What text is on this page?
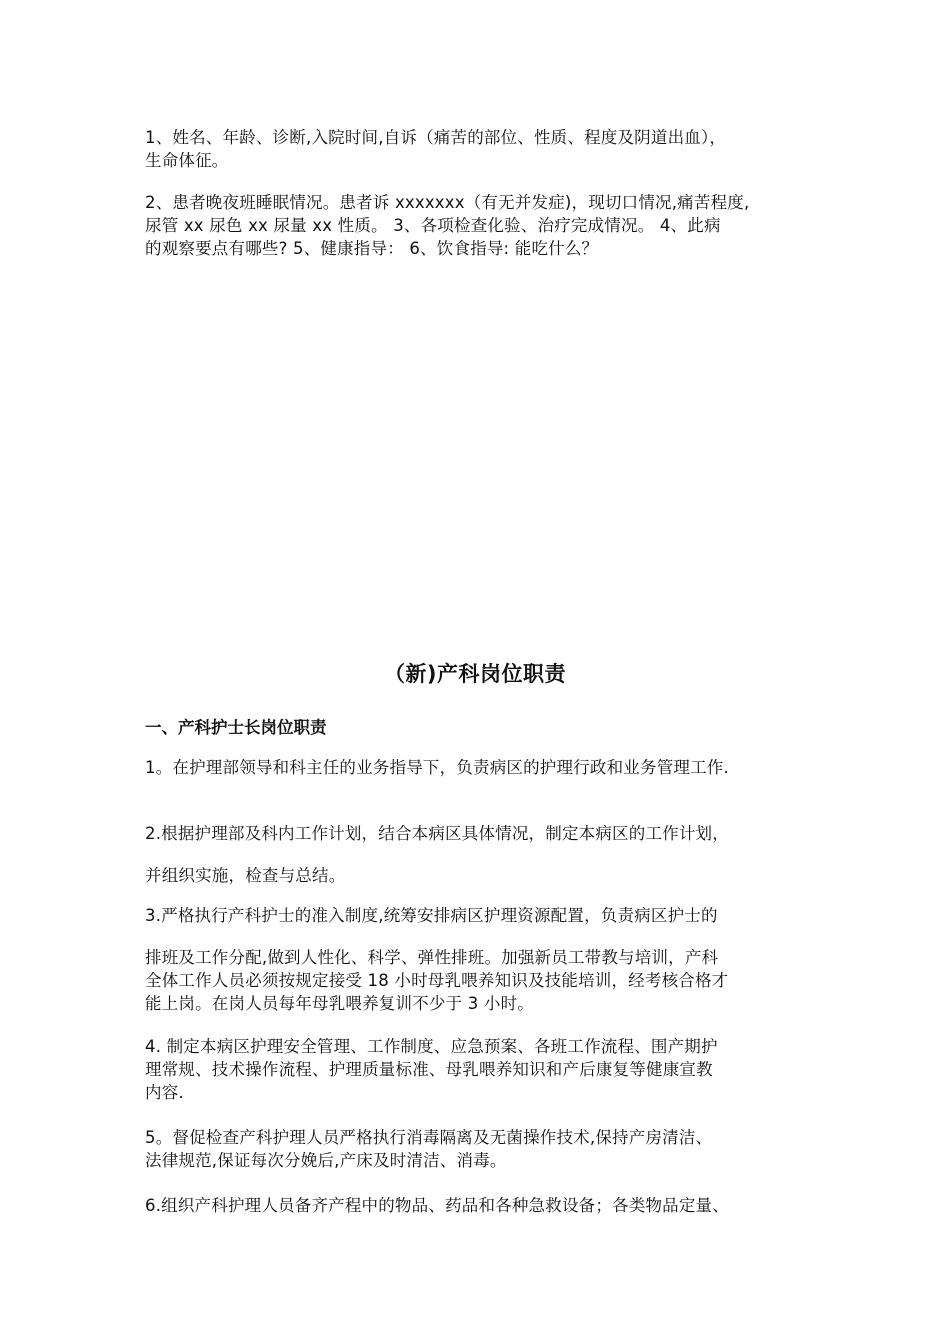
1、姓名、年龄、诊断,入院时间,自诉（痛苦的部位、性质、程度及阴道出血），
生命体征。

2、患者晚夜班睡眠情况。患者诉 xxxxxxx（有无并发症)，现切口情况,痛苦程度,
尿管 xx 尿色 xx 尿量 xx 性质。 3、各项检查化验、治疗完成情况。 4、此病
的观察要点有哪些? 5、健康指导： 6、饮食指导: 能吃什么？

（新)产科岗位职责
一、产科护士长岗位职责

1。在护理部领导和科主任的业务指导下，负责病区的护理行政和业务管理工作.

2.根据护理部及科内工作计划，结合本病区具体情况，制定本病区的工作计划，

并组织实施，检查与总结。

3.严格执行产科护士的准入制度,统筹安排病区护理资源配置，负责病区护士的

排班及工作分配,做到人性化、科学、弹性排班。加强新员工带教与培训，产科
全体工作人员必须按规定接受 18 小时母乳喂养知识及技能培训，经考核合格才
能上岗。在岗人员每年母乳喂养复训不少于 3 小时。

4. 制定本病区护理安全管理、工作制度、应急预案、各班工作流程、围产期护
理常规、技术操作流程、护理质量标准、母乳喂养知识和产后康复等健康宣教
内容.

5。督促检查产科护理人员严格执行消毒隔离及无菌操作技术,保持产房清洁、
法律规范,保证每次分娩后,产床及时清洁、消毒。

6.组织产科护理人员备齐产程中的物品、药品和各种急救设备；各类物品定量、
